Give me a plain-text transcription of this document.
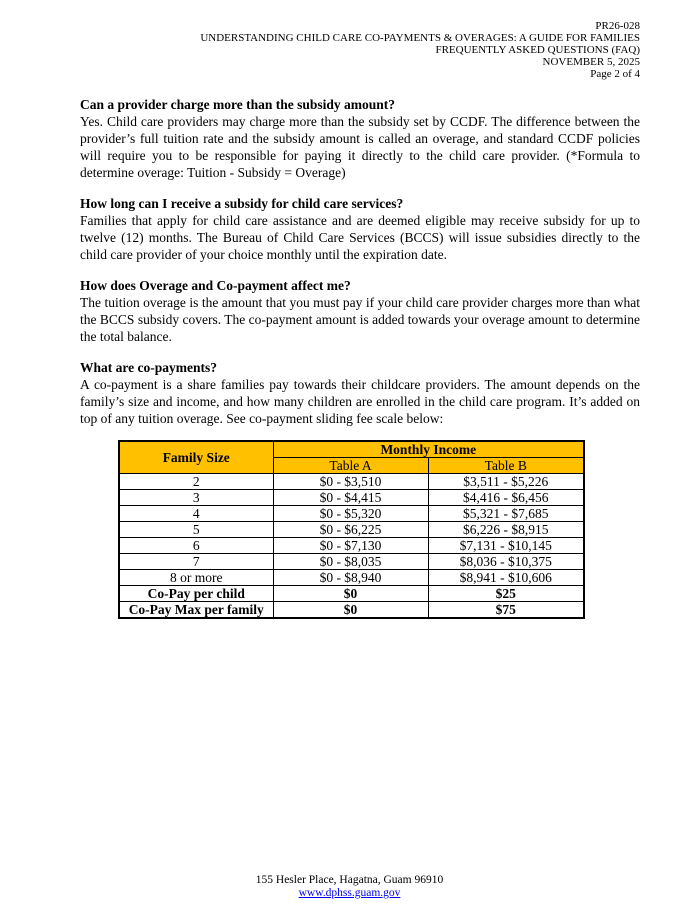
PR26-028
UNDERSTANDING CHILD CARE CO-PAYMENTS & OVERAGES: A GUIDE FOR FAMILIES
FREQUENTLY ASKED QUESTIONS (FAQ)
NOVEMBER 5, 2025
Page 2 of 4

Can a provider charge more than the subsidy amount?

Yes. Child care providers may charge more than the subsidy set by CCDF. The difference between the provider’s full tuition rate and the subsidy amount is called an overage, and standard CCDF policies will require you to be responsible for paying it directly to the child care provider. (*Formula to determine overage: Tuition - Subsidy = Overage)

How long can I receive a subsidy for child care services?

Families that apply for child care assistance and are deemed eligible may receive subsidy for up to twelve (12) months. The Bureau of Child Care Services (BCCS) will issue subsidies directly to the child care provider of your choice monthly until the expiration date.

How does Overage and Co-payment affect me?

The tuition overage is the amount that you must pay if your child care provider charges more than what the BCCS subsidy covers. The co-payment amount is added towards your overage amount to determine the total balance.

What are co-payments?

A co-payment is a share families pay towards their childcare providers. The amount depends on the family’s size and income, and how many children are enrolled in the child care program. It’s added on top of any tuition overage. See co-payment sliding fee scale below:

Family Size	Monthly Income	
	Table A	Table B
2	$0 - $3,510	$3,511 - $5,226
3	$0 - $4,415	$4,416 - $6,456
4	$0 - $5,320	$5,321 - $7,685
5	$0 - $6,225	$6,226 - $8,915
6	$0 - $7,130	$7,131 - $10,145
7	$0 - $8,035	$8,036 - $10,375
8 or more	$0 - $8,940	$8,941 - $10,606
Co-Pay per child	$0	$25
Co-Pay Max per family	$0	$75
155 Hesler Place, Hagatna, Guam 96910
www.dphss.guam.gov
